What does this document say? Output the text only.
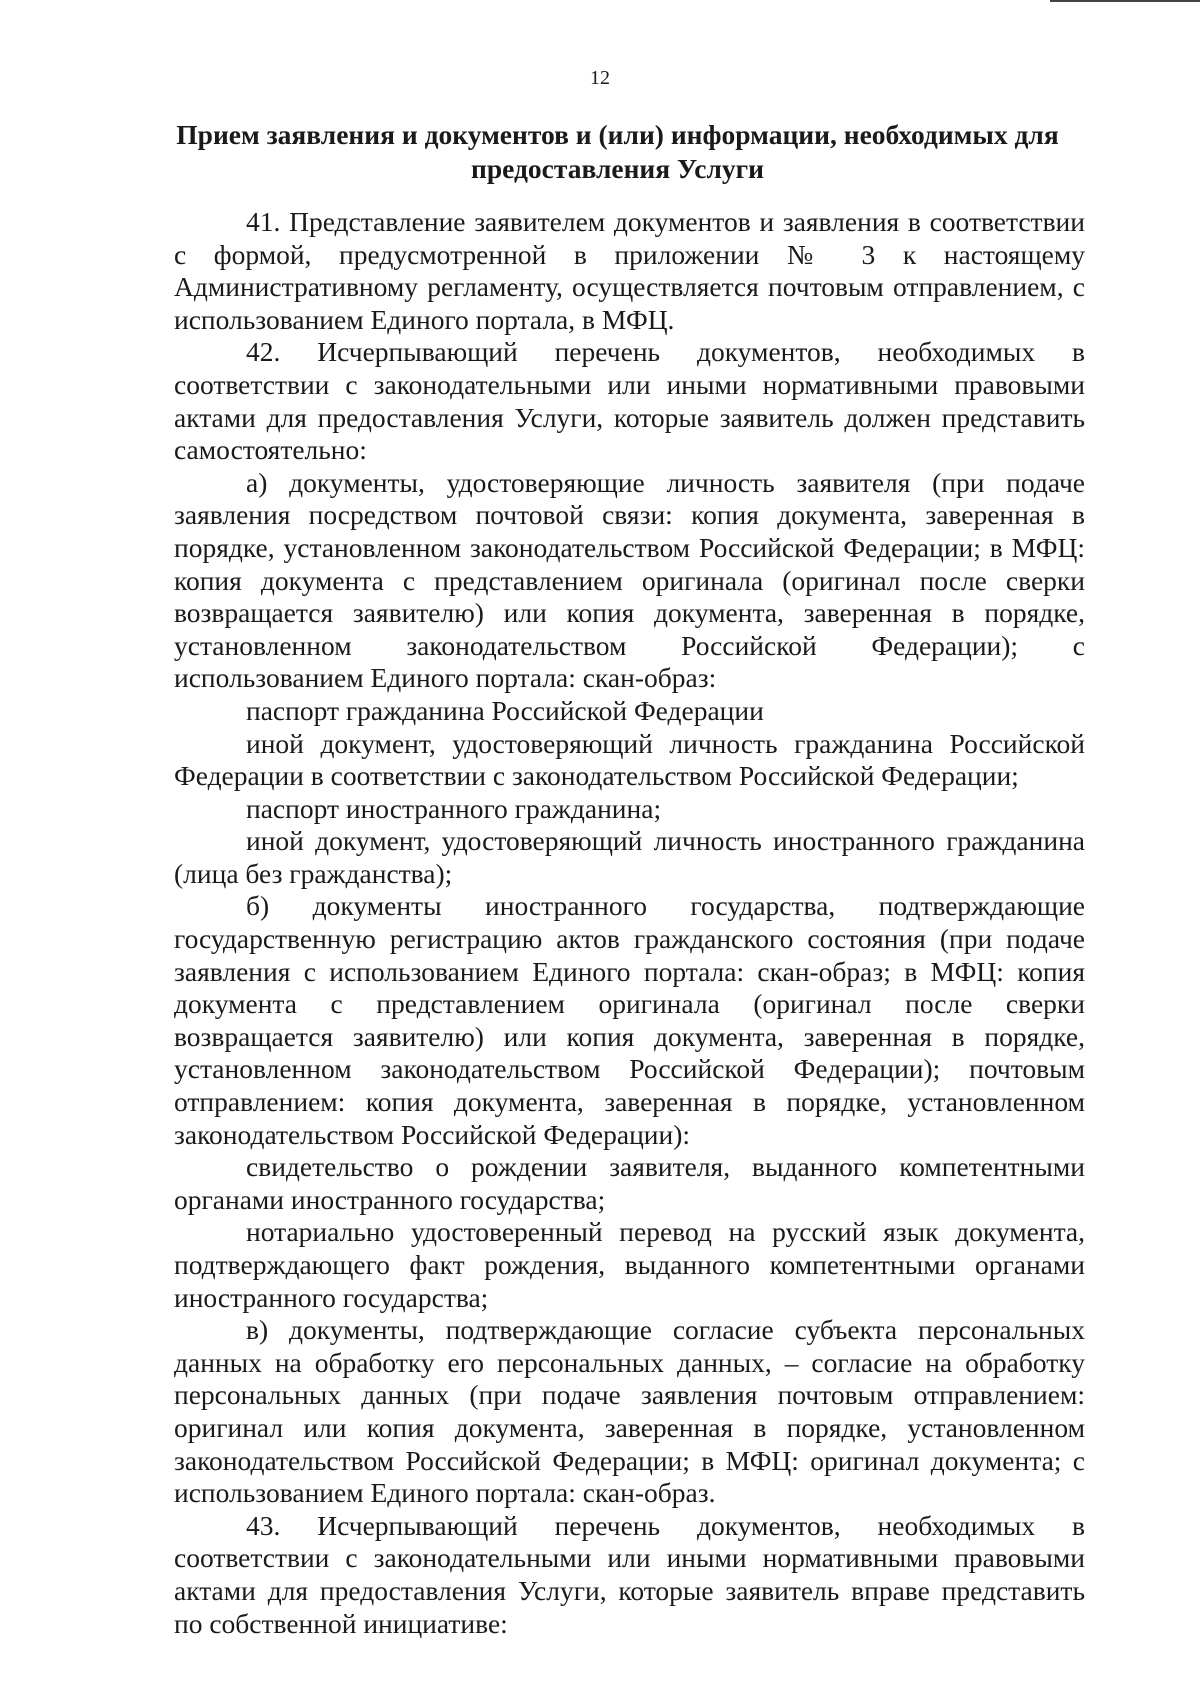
12
Прием заявления и документов и (или) информации, необходимых для предоставления Услуги

41. Представление заявителем документов и заявления в соответствии с формой, предусмотренной в приложении № 3 к настоящему Административному регламенту, осуществляется почтовым отправлением, с использованием Единого портала, в МФЦ.

42. Исчерпывающий перечень документов, необходимых в соответствии с законодательными или иными нормативными правовыми актами для предоставления Услуги, которые заявитель должен представить самостоятельно:

а) документы, удостоверяющие личность заявителя (при подаче заявления посредством почтовой связи: копия документа, заверенная в порядке, установленном законодательством Российской Федерации; в МФЦ: копия документа с представлением оригинала (оригинал после сверки возвращается заявителю) или копия документа, заверенная в порядке, установленном законодательством Российской Федерации); с использованием Единого портала: скан-образ:

паспорт гражданина Российской Федерации

иной документ, удостоверяющий личность гражданина Российской Федерации в соответствии с законодательством Российской Федерации;

паспорт иностранного гражданина;

иной документ, удостоверяющий личность иностранного гражданина (лица без гражданства);

б) документы иностранного государства, подтверждающие государственную регистрацию актов гражданского состояния (при подаче заявления с использованием Единого портала: скан-образ; в МФЦ: копия документа с представлением оригинала (оригинал после сверки возвращается заявителю) или копия документа, заверенная в порядке, установленном законодательством Российской Федерации); почтовым отправлением: копия документа, заверенная в порядке, установленном законодательством Российской Федерации):

свидетельство о рождении заявителя, выданного компетентными органами иностранного государства;

нотариально удостоверенный перевод на русский язык документа, подтверждающего факт рождения, выданного компетентными органами иностранного государства;

в) документы, подтверждающие согласие субъекта персональных данных на обработку его персональных данных, – согласие на обработку персональных данных (при подаче заявления почтовым отправлением: оригинал или копия документа, заверенная в порядке, установленном законодательством Российской Федерации; в МФЦ: оригинал документа; с использованием Единого портала: скан-образ.

43. Исчерпывающий перечень документов, необходимых в соответствии с законодательными или иными нормативными правовыми актами для предоставления Услуги, которые заявитель вправе представить по собственной инициативе:
